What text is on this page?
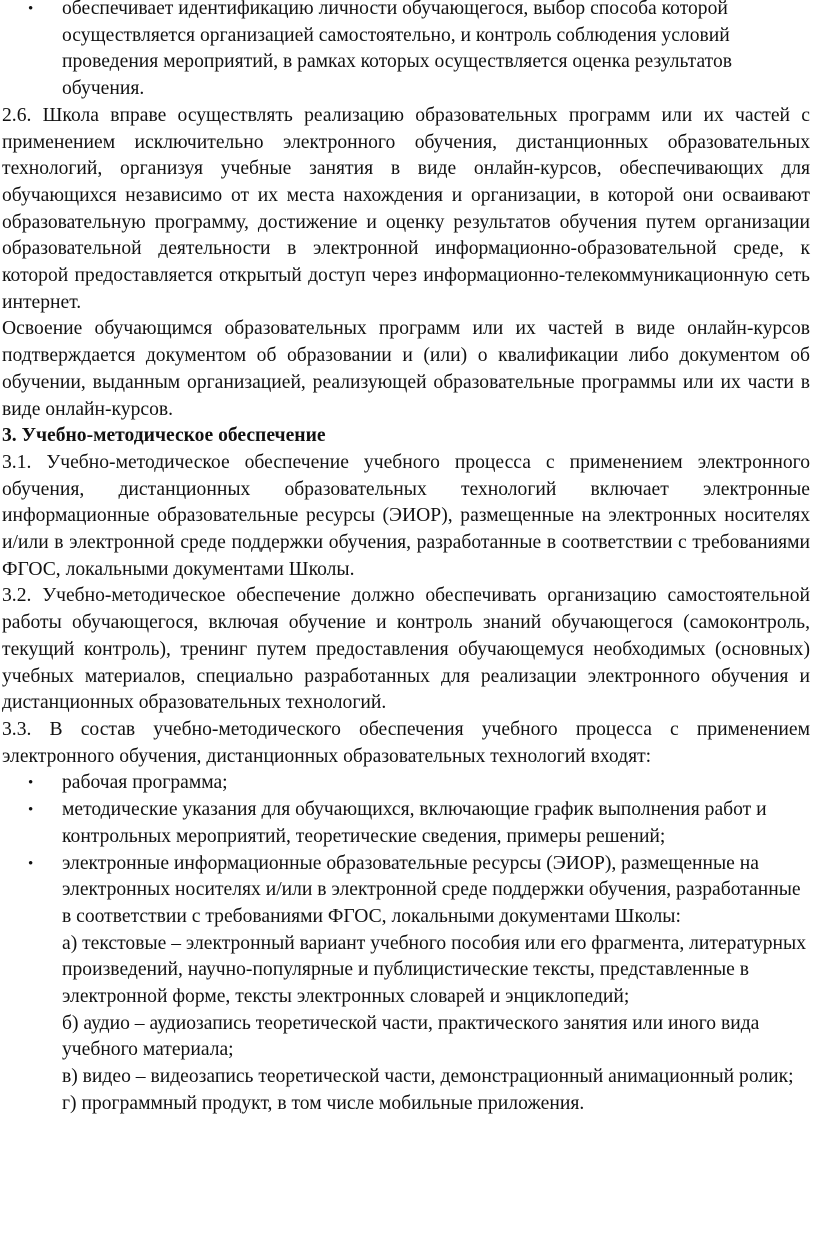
• обеспечивает идентификацию личности обучающегося, выбор способа которой осуществляется организацией самостоятельно, и контроль соблюдения условий проведения мероприятий, в рамках которых осуществляется оценка результатов обучения.
2.6. Школа вправе осуществлять реализацию образовательных программ или их частей с применением исключительно электронного обучения, дистанционных образовательных технологий, организуя учебные занятия в виде онлайн-курсов, обеспечивающих для обучающихся независимо от их места нахождения и организации, в которой они осваивают образовательную программу, достижение и оценку результатов обучения путем организации образовательной деятельности в электронной информационно-образовательной среде, к которой предоставляется открытый доступ через информационно-телекоммуникационную сеть интернет.
Освоение обучающимся образовательных программ или их частей в виде онлайн-курсов подтверждается документом об образовании и (или) о квалификации либо документом об обучении, выданным организацией, реализующей образовательные программы или их части в виде онлайн-курсов.
3. Учебно-методическое обеспечение
3.1. Учебно-методическое обеспечение учебного процесса с применением электронного обучения, дистанционных образовательных технологий включает электронные информационные образовательные ресурсы (ЭИОР), размещенные на электронных носителях и/или в электронной среде поддержки обучения, разработанные в соответствии с требованиями ФГОС, локальными документами Школы.
3.2. Учебно-методическое обеспечение должно обеспечивать организацию самостоятельной работы обучающегося, включая обучение и контроль знаний обучающегося (самоконтроль, текущий контроль), тренинг путем предоставления обучающемуся необходимых (основных) учебных материалов, специально разработанных для реализации электронного обучения и дистанционных образовательных технологий.
3.3. В состав учебно-методического обеспечения учебного процесса с применением электронного обучения, дистанционных образовательных технологий входят:
• рабочая программа;
• методические указания для обучающихся, включающие график выполнения работ и контрольных мероприятий, теоретические сведения, примеры решений;
• электронные информационные образовательные ресурсы (ЭИОР), размещенные на электронных носителях и/или в электронной среде поддержки обучения, разработанные в соответствии с требованиями ФГОС, локальными документами Школы:
а) текстовые – электронный вариант учебного пособия или его фрагмента, литературных произведений, научно-популярные и публицистические тексты, представленные в электронной форме, тексты электронных словарей и энциклопедий;
б) аудио – аудиозапись теоретической части, практического занятия или иного вида учебного материала;
в) видео – видеозапись теоретической части, демонстрационный анимационный ролик;
г) программный продукт, в том числе мобильные приложения.
